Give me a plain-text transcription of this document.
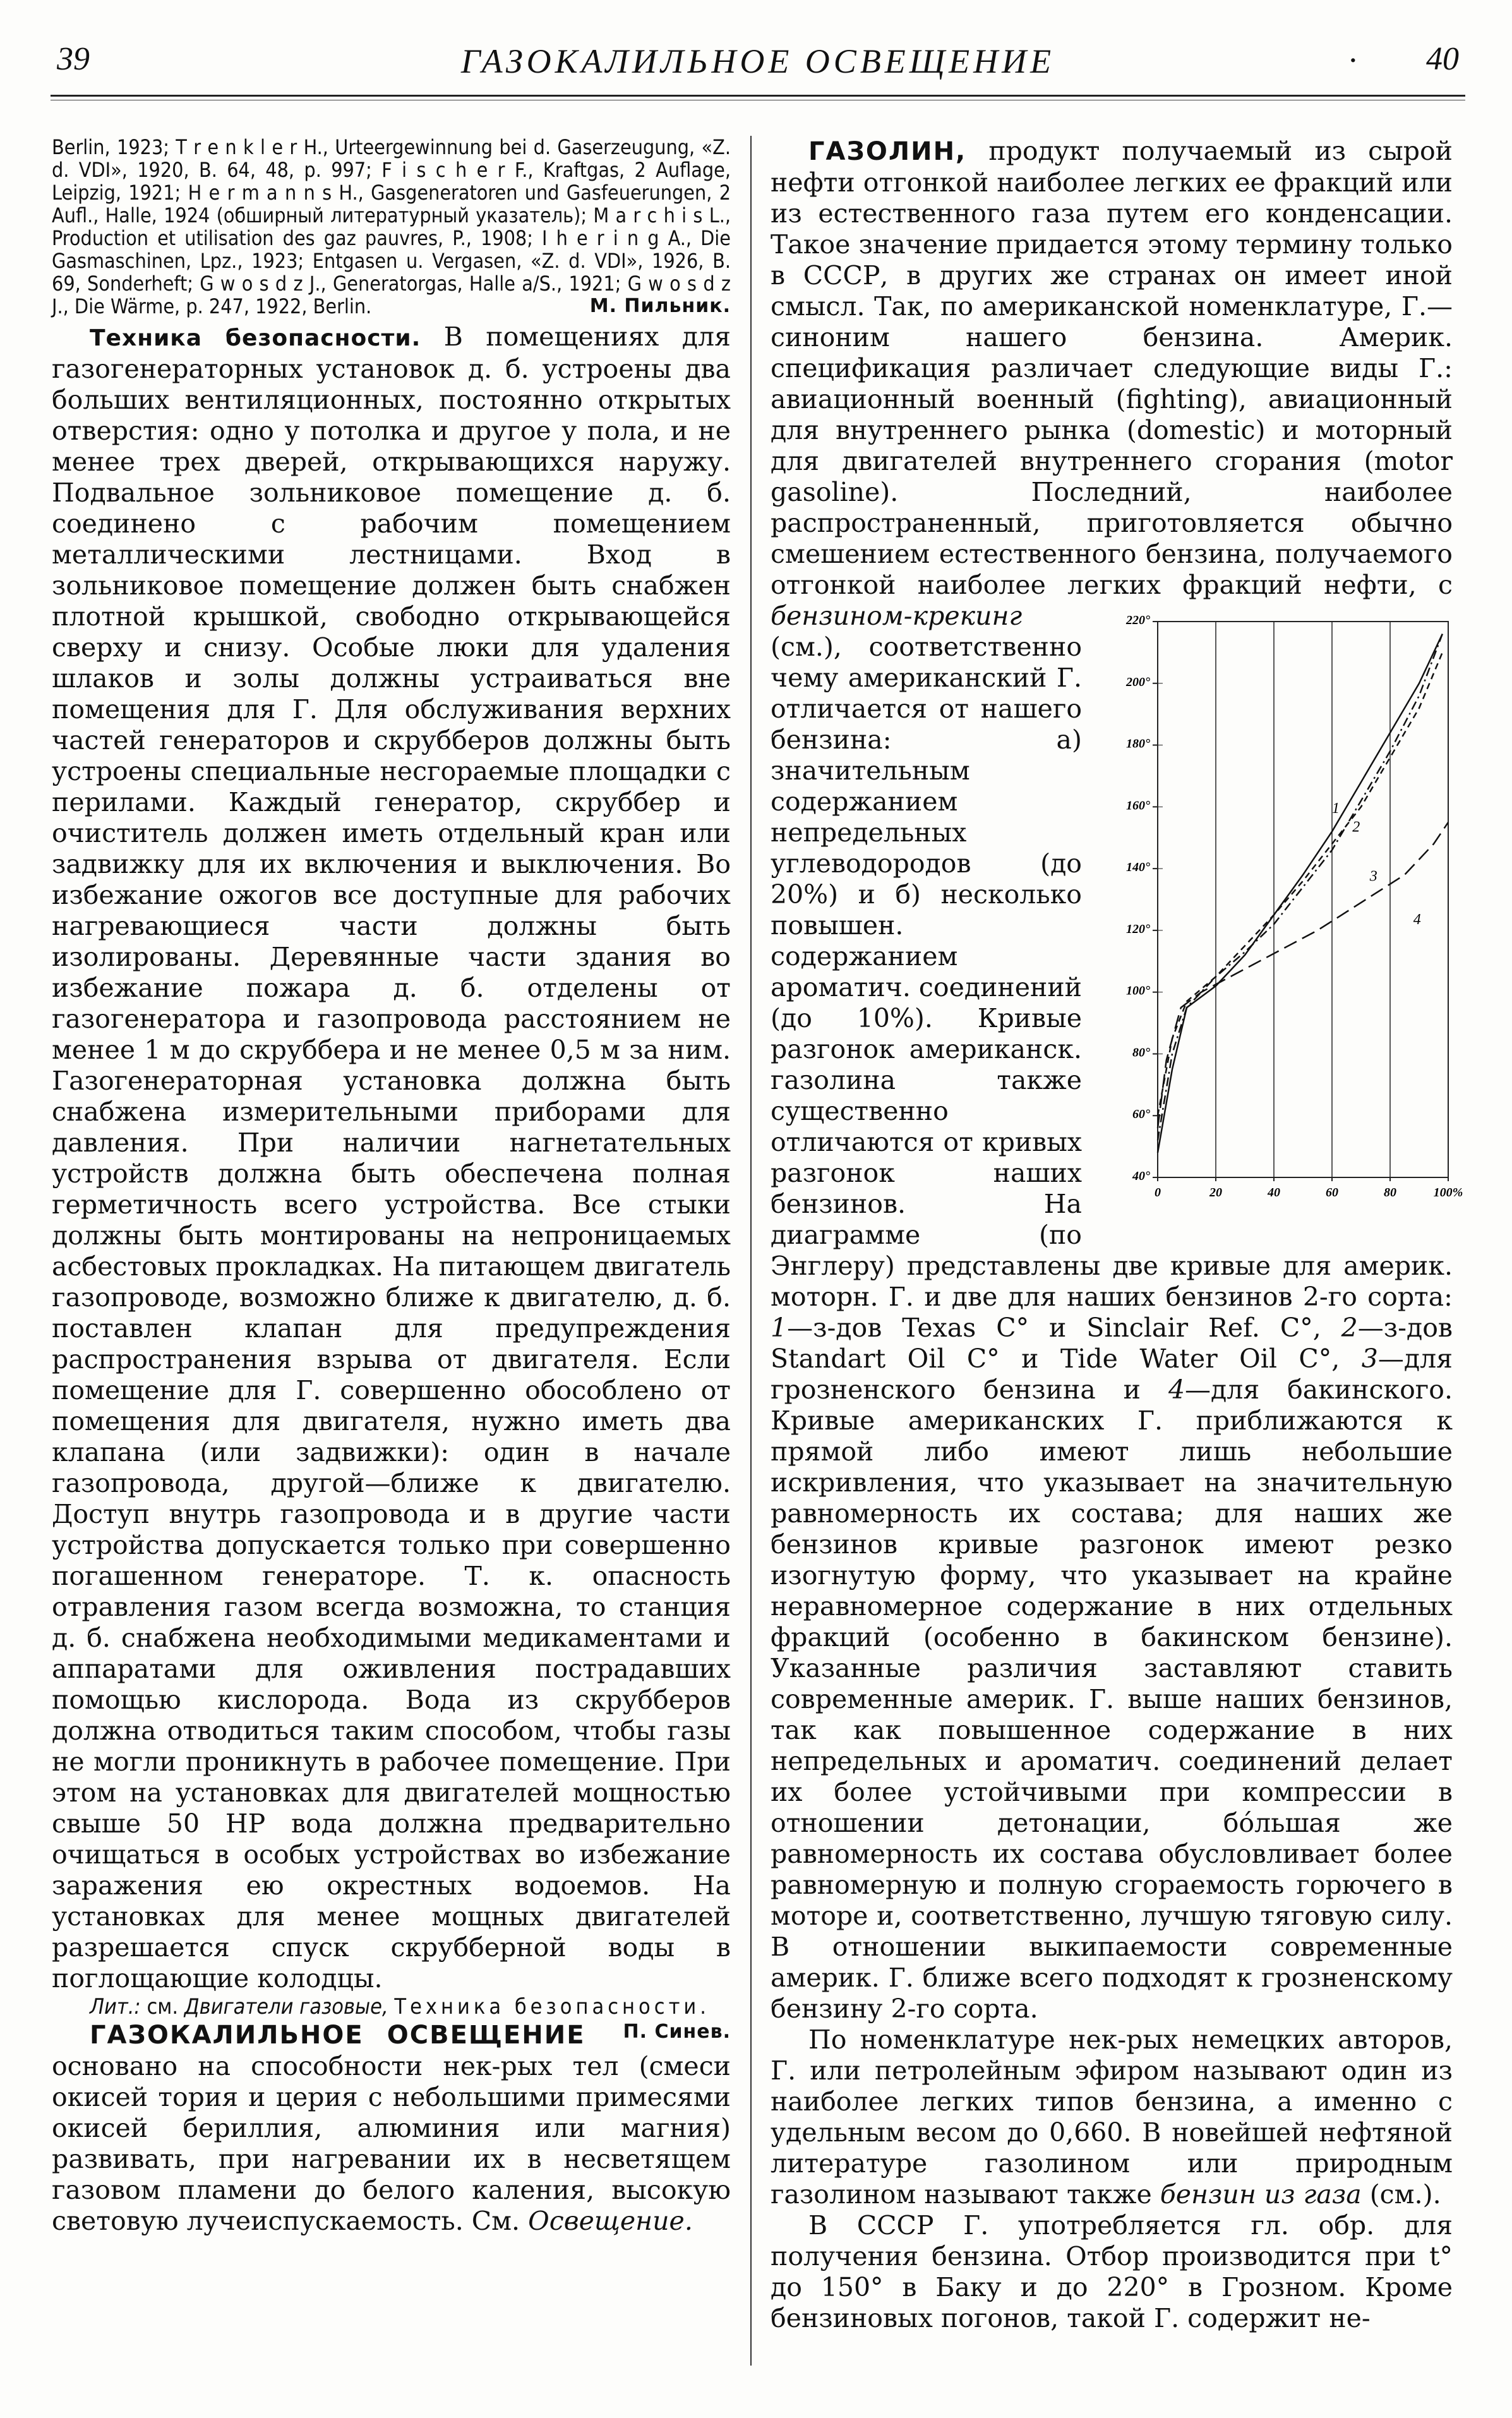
39	ГАЗОКАЛИЛЬНОЕ ОСВЕЩЕНИЕ	· 40

Berlin, 1923; T r e n k l e r H., Urteergewinnung bei d. Gaserzeugung, «Z. d. VDI», 1920, B. 64, 48, p. 997; F i s c h e r F., Kraftgas, 2 Auflage, Leipzig, 1921; H e r m a n n s H., Gasgeneratoren und Gasfeuerungen, 2 Aufl., Halle, 1924 (обширный литературный указатель); M a r c h i s L., Production et utilisation des gaz pauvres, P., 1908; I h e r i n g A., Die Gasmaschinen, Lpz., 1923; Entgasen u. Vergasen, «Z. d. VDI», 1926, B. 69, Sonderheft; G w o s d z J., Generatorgas, Halle a/S., 1921; G w o s d z J., Die Wärme, p. 247, 1922, Berlin.	М. Пильник.

Техника безопасности. В помещениях для газогенераторных установок д. б. устроены два больших вентиляционных, постоянно открытых отверстия: одно у потолка и другое у пола, и не менее трех дверей, открывающихся наружу. Подвальное зольниковое помещение д. б. соединено с рабочим помещением металлическими лестницами. Вход в зольниковое помещение должен быть снабжен плотной крышкой, свободно открывающейся сверху и снизу. Особые люки для удаления шлаков и золы должны устраиваться вне помещения для Г. Для обслуживания верхних частей генераторов и скрубберов должны быть устроены специальные несгораемые площадки с перилами. Каждый генератор, скруббер и очиститель должен иметь отдельный кран или задвижку для их включения и выключения. Во избежание ожогов все доступные для рабочих нагревающиеся части должны быть изолированы. Деревянные части здания во избежание пожара д. б. отделены от газогенератора и газопровода расстоянием не менее 1 м до скруббера и не менее 0,5 м за ним. Газогенераторная установка должна быть снабжена измерительными приборами для давления. При наличии нагнетательных устройств должна быть обеспечена полная герметичность всего устройства. Все стыки должны быть монтированы на непроницаемых асбестовых прокладках. На питающем двигатель газопроводе, возможно ближе к двигателю, д. б. поставлен клапан для предупреждения распространения взрыва от двигателя. Если помещение для Г. совершенно обособлено от помещения для двигателя, нужно иметь два клапана (или задвижки): один в начале газопровода, другой—ближе к двигателю. Доступ внутрь газопровода и в другие части устройства допускается только при совершенно погашенном генераторе. Т. к. опасность отравления газом всегда возможна, то станция д. б. снабжена необходимыми медикаментами и аппаратами для оживления пострадавших помощью кислорода. Вода из скрубберов должна отводиться таким способом, чтобы газы не могли проникнуть в рабочее помещение. При этом на установках для двигателей мощностью свыше 50 HP вода должна предварительно очищаться в особых устройствах во избежание заражения ею окрестных водоемов. На установках для менее мощных двигателей разрешается спуск скрубберной воды в поглощающие колодцы.

Лит.: см. Двигатели газовые, Техника безопасности.
П. Синев.

ГАЗОКАЛИЛЬНОЕ ОСВЕЩЕНИЕ основано на способности нек-рых тел (смеси окисей тория и церия с небольшими примесями окисей бериллия, алюминия или магния) развивать, при нагревании их в несветящем газовом пламени до белого каления, высокую световую лучеиспускаемость. См. Освещение.

ГАЗОЛИН, продукт получаемый из сырой нефти отгонкой наиболее легких ее фракций или из естественного газа путем его конденсации. Такое значение придается этому термину только в СССР, в других же странах он имеет иной смысл. Так, по американской номенклатуре, Г.—синоним нашего бензина. Америк. спецификация различает следующие виды Г.: авиационный военный (fighting), авиационный для внутреннего рынка (domestic) и моторный для двигателей внутреннего сгорания (motor gasoline). Последний, наиболее распространенный, приготовляется обычно смешением естественного бензина, получаемого отгонкой наиболее легких фракций нефти, с бензином-крекинг
40°
60°
80°
100°
120°
140°
160°
180°
200°
220°
0	20	40	60	80	100%
1
2
3
4
(см.), соответственно чему американский Г. отличается от нашего бензина: а) значительным содержанием непредельных углеводородов (до 20%) и б) несколько повышен. содержанием ароматич. соединений (до 10%). Кривые разгонок американск. газолина также существенно отличаются от кривых разгонок наших бензинов. На диаграмме (по Энглеру) представлены две кривые для америк. моторн. Г. и две для наших бензинов 2-го сорта: 1—з-дов Texas C° и Sinclair Ref. C°, 2—з-дов Standart Oil C° и Tide Water Oil C°, 3—для грозненского бензина и 4—для бакинского. Кривые американских Г. приближаются к прямой либо имеют лишь небольшие искривления, что указывает на значительную равномерность их состава; для наших же бензинов кривые разгонок имеют резко изогнутую форму, что указывает на крайне неравномерное содержание в них отдельных фракций (особенно в бакинском бензине). Указанные различия заставляют ставить современные америк. Г. выше наших бензинов, так как повышенное содержание в них непредельных и ароматич. соединений делает их более устойчивыми при компрессии в отношении детонации, бóльшая же равномерность их состава обусловливает более равномерную и полную сгораемость горючего в моторе и, соответственно, лучшую тяговую силу. В отношении выкипаемости современные америк. Г. ближе всего подходят к грозненскому бензину 2-го сорта.

По номенклатуре нек-рых немецких авторов, Г. или петролейным эфиром называют один из наиболее легких типов бензина, а именно с удельным весом до 0,660. В новейшей нефтяной литературе газолином или природным газолином называют также бензин из газа (см.).

В СССР Г. употребляется гл. обр. для получения бензина. Отбор производится при t° до 150° в Баку и до 220° в Грозном. Кроме бензиновых погонов, такой Г. содержит не-
